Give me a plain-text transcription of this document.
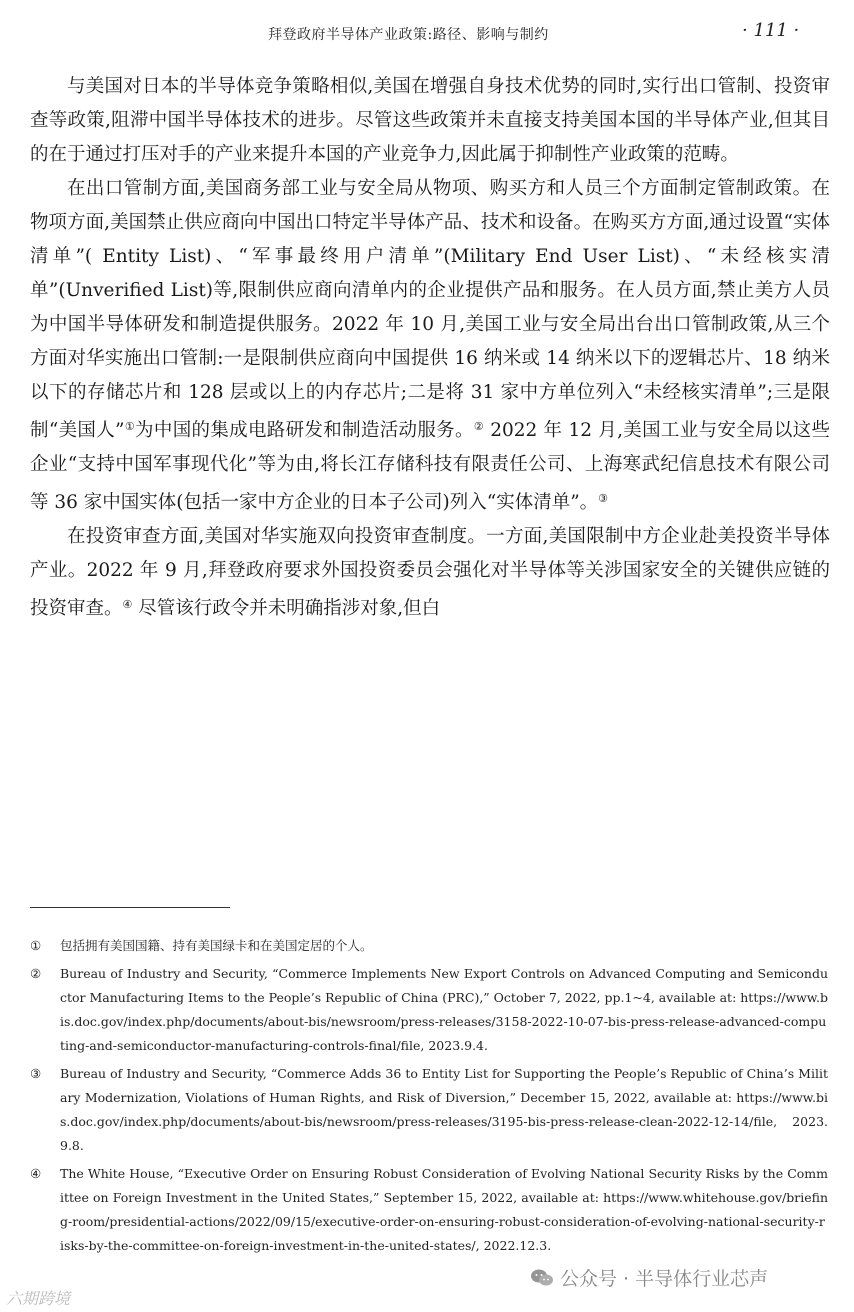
拜登政府半导体产业政策:路径、影响与制约	· 111 ·

与美国对日本的半导体竞争策略相似,美国在增强自身技术优势的同时,实行出口管制、投资审查等政策,阻滞中国半导体技术的进步。尽管这些政策并未直接支持美国本国的半导体产业,但其目的在于通过打压对手的产业来提升本国的产业竞争力,因此属于抑制性产业政策的范畴。

在出口管制方面,美国商务部工业与安全局从物项、购买方和人员三个方面制定管制政策。在物项方面,美国禁止供应商向中国出口特定半导体产品、技术和设备。在购买方方面,通过设置“实体清单”( Entity List)、“军事最终用户清单”(Military End User List)、“未经核实清单”(Unverified List)等,限制供应商向清单内的企业提供产品和服务。在人员方面,禁止美方人员为中国半导体研发和制造提供服务。2022 年 10 月,美国工业与安全局出台出口管制政策,从三个方面对华实施出口管制:一是限制供应商向中国提供 16 纳米或 14 纳米以下的逻辑芯片、18 纳米以下的存储芯片和 128 层或以上的内存芯片;二是将 31 家中方单位列入“未经核实清单”;三是限制“美国人”①为中国的集成电路研发和制造活动服务。② 2022 年 12 月,美国工业与安全局以这些企业“支持中国军事现代化”等为由,将长江存储科技有限责任公司、上海寒武纪信息技术有限公司等 36 家中国实体(包括一家中方企业的日本子公司)列入“实体清单”。③

在投资审查方面,美国对华实施双向投资审查制度。一方面,美国限制中方企业赴美投资半导体产业。2022 年 9 月,拜登政府要求外国投资委员会强化对半导体等关涉国家安全的关键供应链的投资审查。④ 尽管该行政令并未明确指涉对象,但白

①	包括拥有美国国籍、持有美国绿卡和在美国定居的个人。
②	Bureau of Industry and Security, “Commerce Implements New Export Controls on Advanced Computing and Semiconductor Manufacturing Items to the People’s Republic of China (PRC),” October 7, 2022, pp.1~4, available at: https://www.bis.doc.gov/index.php/documents/about-bis/newsroom/press-releases/3158-2022-10-07-bis-press-release-advanced-computing-and-semiconductor-manufacturing-controls-final/file, 2023.9.4.
③	Bureau of Industry and Security, “Commerce Adds 36 to Entity List for Supporting the People’s Republic of China’s Military Modernization, Violations of Human Rights, and Risk of Diversion,” December 15, 2022, available at: https://www.bis.doc.gov/index.php/documents/about-bis/newsroom/press-releases/3195-bis-press-release-clean-2022-12-14/file, 2023.9.8.
④	The White House, “Executive Order on Ensuring Robust Consideration of Evolving National Security Risks by the Committee on Foreign Investment in the United States,” September 15, 2022, available at: https://www.whitehouse.gov/briefing-room/presidential-actions/2022/09/15/executive-order-on-ensuring-robust-consideration-of-evolving-national-security-risks-by-the-committee-on-foreign-investment-in-the-united-states/, 2022.12.3.
公众号 · 半导体行业芯声
六期跨境
